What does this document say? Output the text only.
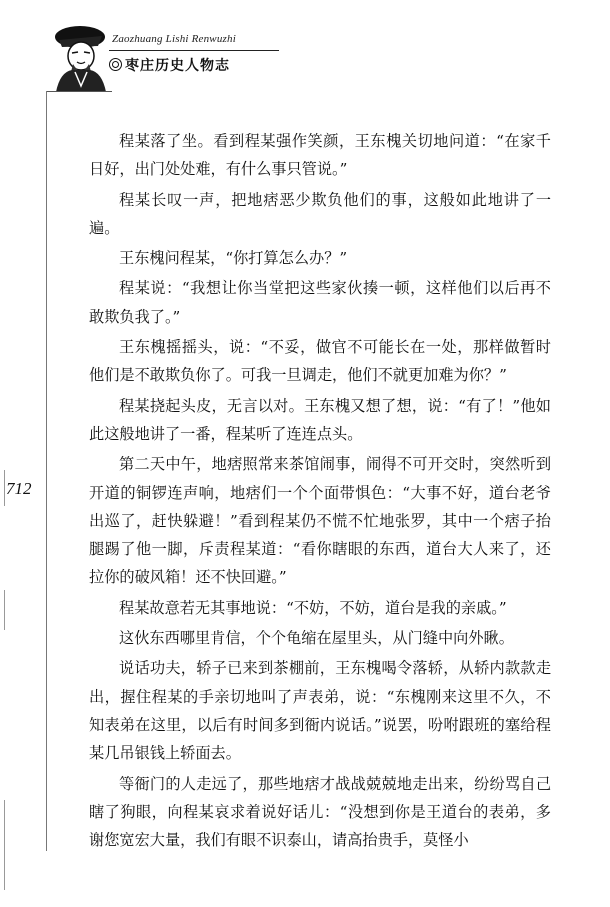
Zaozhuang Lishi Renwuzhi
枣庄历史人物志
712

程某落了坐。看到程某强作笑颜，王东槐关切地问道：“在家千日好，出门处处难，有什么事只管说。”

程某长叹一声，把地痞恶少欺负他们的事，这般如此地讲了一遍。

王东槐问程某，“你打算怎么办？”

程某说：“我想让你当堂把这些家伙揍一顿，这样他们以后再不敢欺负我了。”

王东槐摇摇头，说：“不妥，做官不可能长在一处，那样做暂时他们是不敢欺负你了。可我一旦调走，他们不就更加难为你？”

程某挠起头皮，无言以对。王东槐又想了想，说：“有了！”他如此这般地讲了一番，程某听了连连点头。

第二天中午，地痞照常来茶馆闹事，闹得不可开交时，突然听到开道的铜锣连声响，地痞们一个个面带惧色：“大事不好，道台老爷出巡了，赶快躲避！”看到程某仍不慌不忙地张罗，其中一个痞子抬腿踢了他一脚，斥责程某道：“看你瞎眼的东西，道台大人来了，还拉你的破风箱！还不快回避。”

程某故意若无其事地说：“不妨，不妨，道台是我的亲戚。”

这伙东西哪里肯信，个个龟缩在屋里头，从门缝中向外瞅。

说话功夫，轿子已来到茶棚前，王东槐喝令落轿，从轿内款款走出，握住程某的手亲切地叫了声表弟，说：“东槐刚来这里不久，不知表弟在这里，以后有时间多到衙内说话。”说罢，吩咐跟班的塞给程某几吊银钱上轿面去。

等衙门的人走远了，那些地痞才战战兢兢地走出来，纷纷骂自己瞎了狗眼，向程某哀求着说好话儿：“没想到你是王道台的表弟，多谢您宽宏大量，我们有眼不识泰山，请高抬贵手，莫怪小
